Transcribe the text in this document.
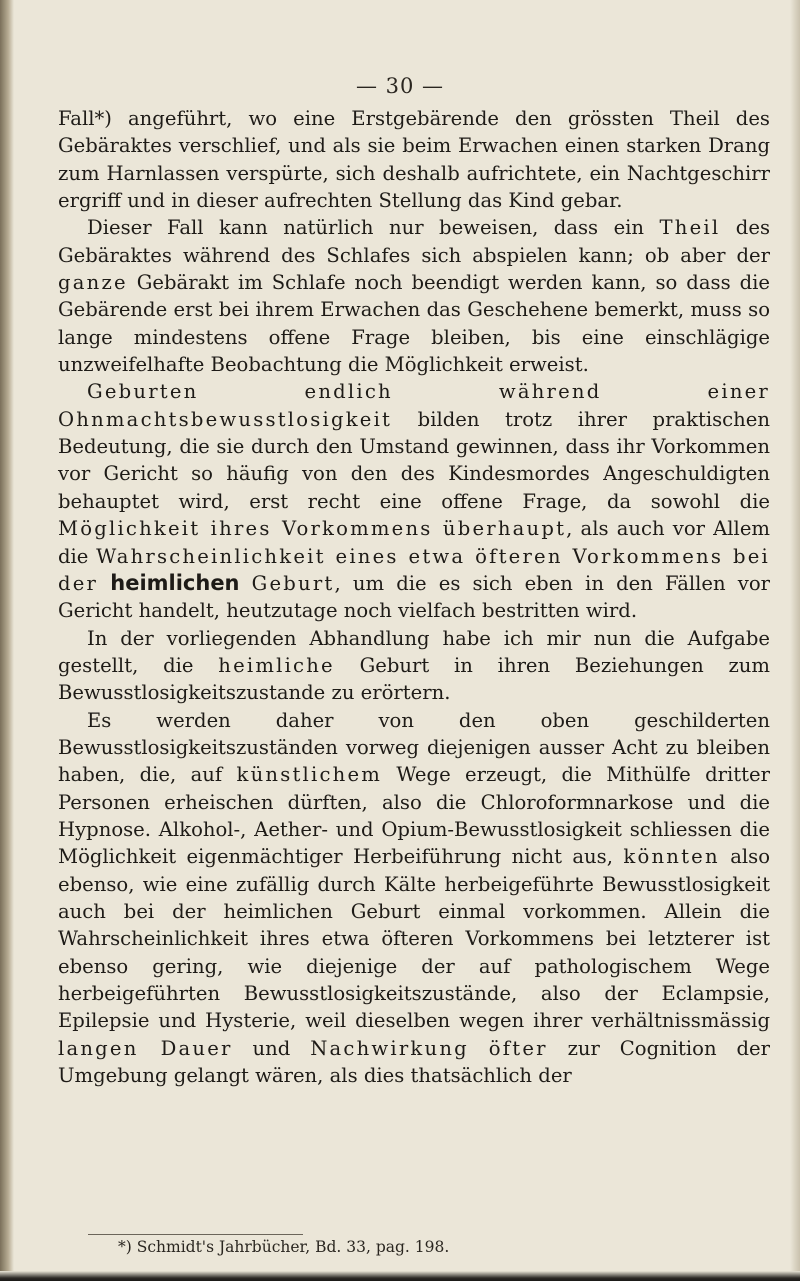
— 30 —

Fall*) angeführt, wo eine Erstgebärende den grössten Theil des Gebäraktes verschlief, und als sie beim Erwachen einen starken Drang zum Harnlassen verspürte, sich deshalb aufrichtete, ein Nachtgeschirr ergriff und in dieser aufrechten Stellung das Kind gebar.

Dieser Fall kann natürlich nur beweisen, dass ein Theil des Gebäraktes während des Schlafes sich abspielen kann; ob aber der ganze Gebärakt im Schlafe noch beendigt werden kann, so dass die Gebärende erst bei ihrem Erwachen das Geschehene bemerkt, muss so lange mindestens offene Frage bleiben, bis eine einschlägige unzweifelhafte Beobachtung die Möglichkeit erweist.

Geburten endlich während einer Ohnmachtsbewusstlosigkeit bilden trotz ihrer praktischen Bedeutung, die sie durch den Umstand gewinnen, dass ihr Vorkommen vor Gericht so häufig von den des Kindesmordes Angeschuldigten behauptet wird, erst recht eine offene Frage, da sowohl die Möglichkeit ihres Vorkommens überhaupt, als auch vor Allem die Wahrscheinlichkeit eines etwa öfteren Vorkommens bei der heimlichen Geburt, um die es sich eben in den Fällen vor Gericht handelt, heutzutage noch vielfach bestritten wird.

In der vorliegenden Abhandlung habe ich mir nun die Aufgabe gestellt, die heimliche Geburt in ihren Beziehungen zum Bewusstlosigkeitszustande zu erörtern.

Es werden daher von den oben geschilderten Bewusstlosigkeitszuständen vorweg diejenigen ausser Acht zu bleiben haben, die, auf künstlichem Wege erzeugt, die Mithülfe dritter Personen erheischen dürften, also die Chloroformnarkose und die Hypnose. Alkohol-, Aether- und Opium-Bewusstlosigkeit schliessen die Möglichkeit eigenmächtiger Herbeiführung nicht aus, könnten also ebenso, wie eine zufällig durch Kälte herbeigeführte Bewusstlosigkeit auch bei der heimlichen Geburt einmal vorkommen. Allein die Wahrscheinlichkeit ihres etwa öfteren Vorkommens bei letzterer ist ebenso gering, wie diejenige der auf pathologischem Wege herbeigeführten Bewusstlosigkeitszustände, also der Eclampsie, Epilepsie und Hysterie, weil dieselben wegen ihrer verhältnissmässig langen Dauer und Nachwirkung öfter zur Cognition der Umgebung gelangt wären, als dies thatsächlich der

*) Schmidt's Jahrbücher, Bd. 33, pag. 198.
